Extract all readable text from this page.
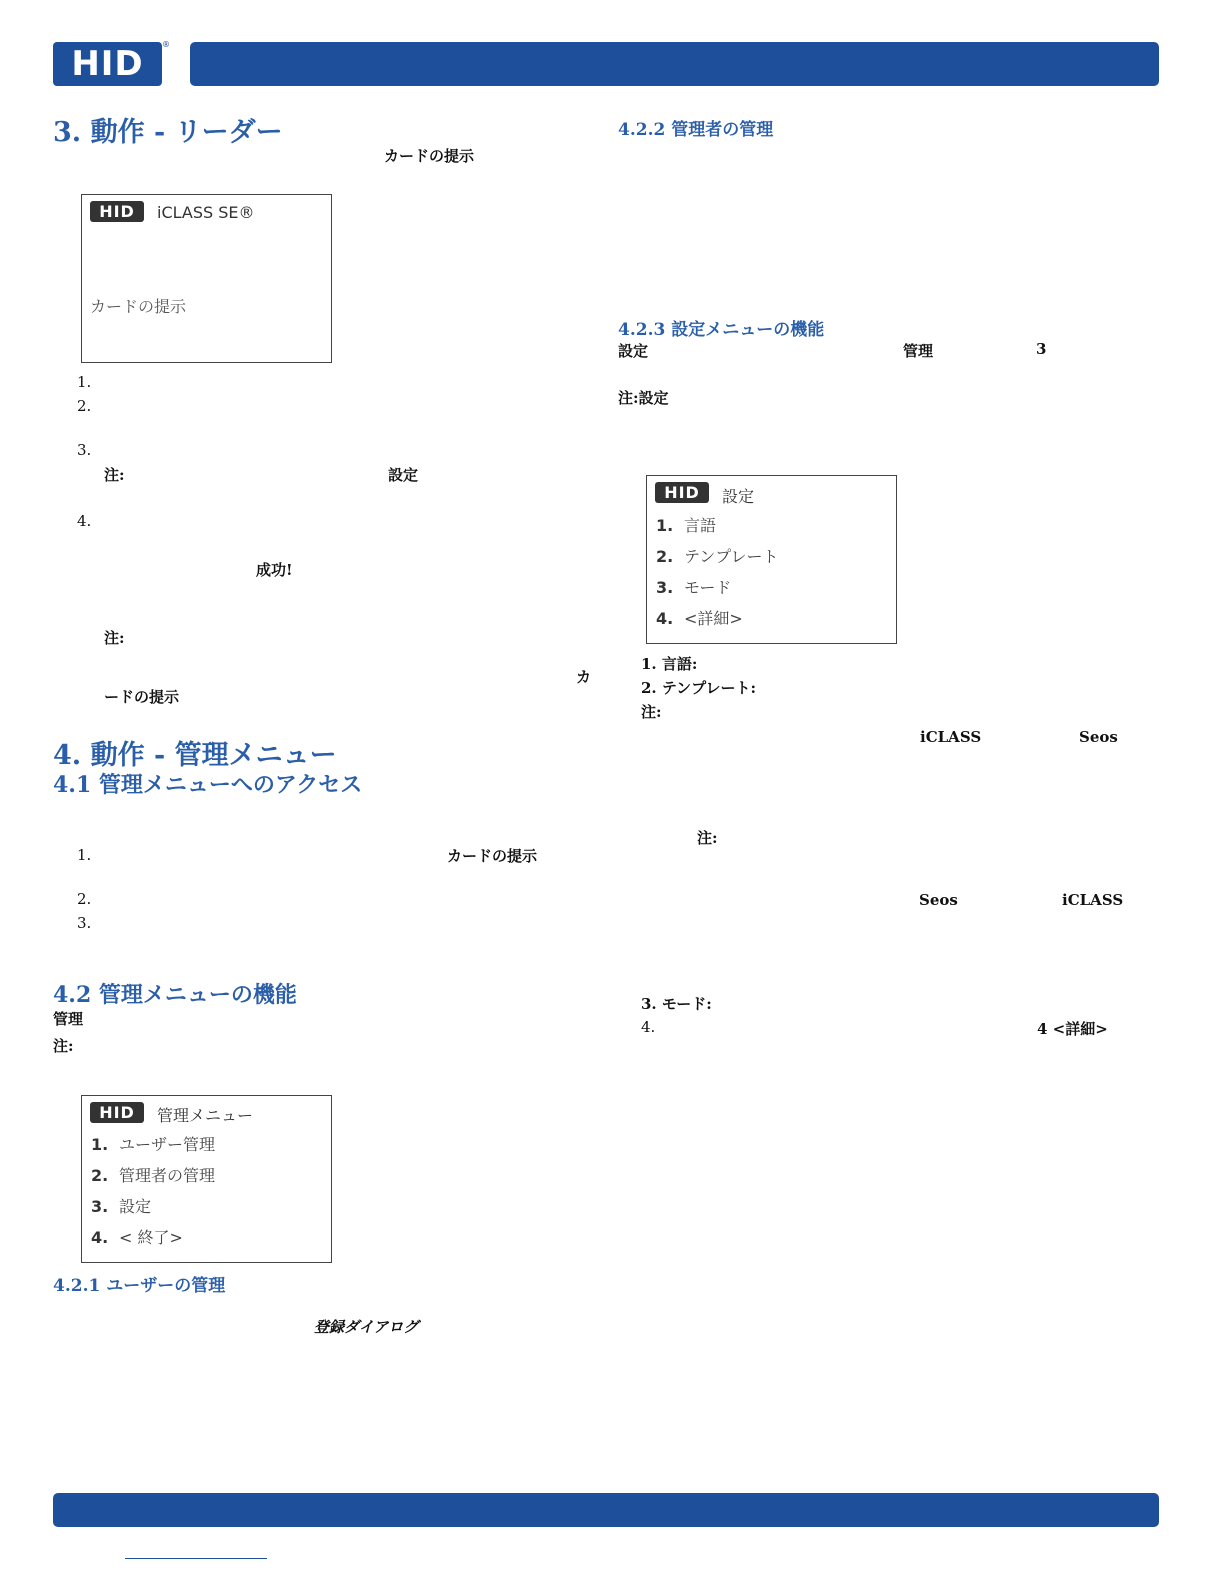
HID	®
3. 動作 - リーダー
カードの提示
HID	iCLASS SE®
カードの提示
1.
2.
3.
注:	設定
4.
成功!
注:
カ
ードの提示
4. 動作 - 管理メニュー
4.1 管理メニューへのアクセス
1.	カードの提示
2.
3.
4.2 管理メニューの機能
管理
注:
HID	管理メニュー
1. ユーザー管理
2. 管理者の管理
3. 設定
4. < 終了>
4.2.1 ユーザーの管理
登録ダイアログ
4.2.2 管理者の管理
4.2.3 設定メニューの機能
設定	管理	3
注:設定
HID	設定
1. 言語
2. テンプレート
3. モード
4. <詳細>
1. 言語:
2. テンプレート:
注:
iCLASS	Seos
注:
Seos	iCLASS
3. モード:
4.	4 <詳細>
